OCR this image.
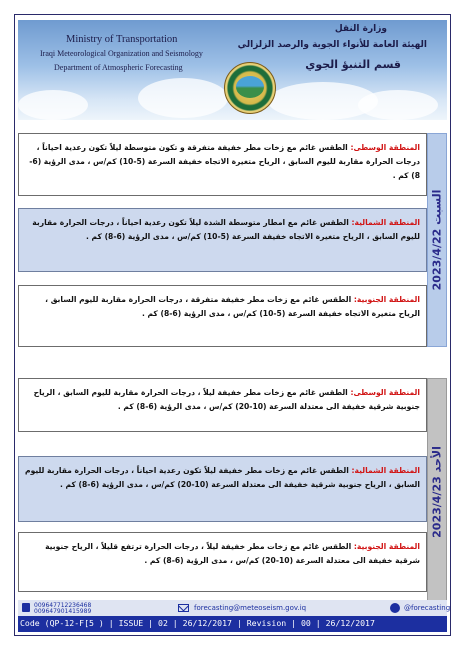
Ministry of Transportation
Iraqi Meteorological Organization and Seismology
Department of Atmospheric Forecasting
وزارة النقل
الهيئة العامة للأنواء الجوية والرصد الزلزالي
قسم التنبؤ الجوي
السبت 2023/4/22
المنطقة الوسطى: الطقس غائم مع زخات مطر خفيفة متفرقة و تكون متوسطة ليلاً تكون رعدية احياناً ، درجات الحرارة مقاربة لليوم السابق ، الرياح متغيرة الاتجاه خفيفة السرعة (5-10) كم/س ، مدى الرؤية (6-8) كم .
المنطقة الشمالية: الطقس غائم مع امطار متوسطة الشدة ليلاً تكون رعدية احياناً ، درجات الحرارة مقاربة لليوم السابق ، الرياح متغيرة الاتجاه خفيفة السرعة (5-10) كم/س ، مدى الرؤية (6-8) كم .
المنطقة الجنوبية: الطقس غائم مع زخات مطر خفيفة متفرقة ، درجات الحرارة مقاربة لليوم السابق ، الرياح متغيرة الاتجاه خفيفة السرعة (5-10) كم/س ، مدى الرؤية (6-8) كم .
الأحد 2023/4/23
المنطقة الوسطى: الطقس غائم مع زخات مطر خفيفة ليلاً ، درجات الحرارة مقاربة لليوم السابق ، الرياح جنوبية شرقية خفيفة الى معتدلة السرعة (10-20) كم/س ، مدى الرؤية (6-8) كم .
المنطقة الشمالية: الطقس غائم مع زخات مطر خفيفة ليلاً تكون رعدية احياناً ، درجات الحرارة مقاربة لليوم السابق ، الرياح جنوبية شرقية خفيفة الى معتدلة السرعة (10-20) كم/س ، مدى الرؤية (6-8) كم .
المنطقة الجنوبية: الطقس غائم مع زخات مطر خفيفة ليلاً ، درجات الحرارة ترتفع قليلاً ، الرياح جنوبية شرقية خفيفة الى معتدلة السرعة (10-20) كم/س ، مدى الرؤية (6-8) كم .
009647712236468
009647901415989	forecasting@meteoseism.gov.iq	@forecasting
Code (QP-12-F[5 ) | ISSUE | 02 | 26/12/2017 | Revision | 00 | 26/12/2017
